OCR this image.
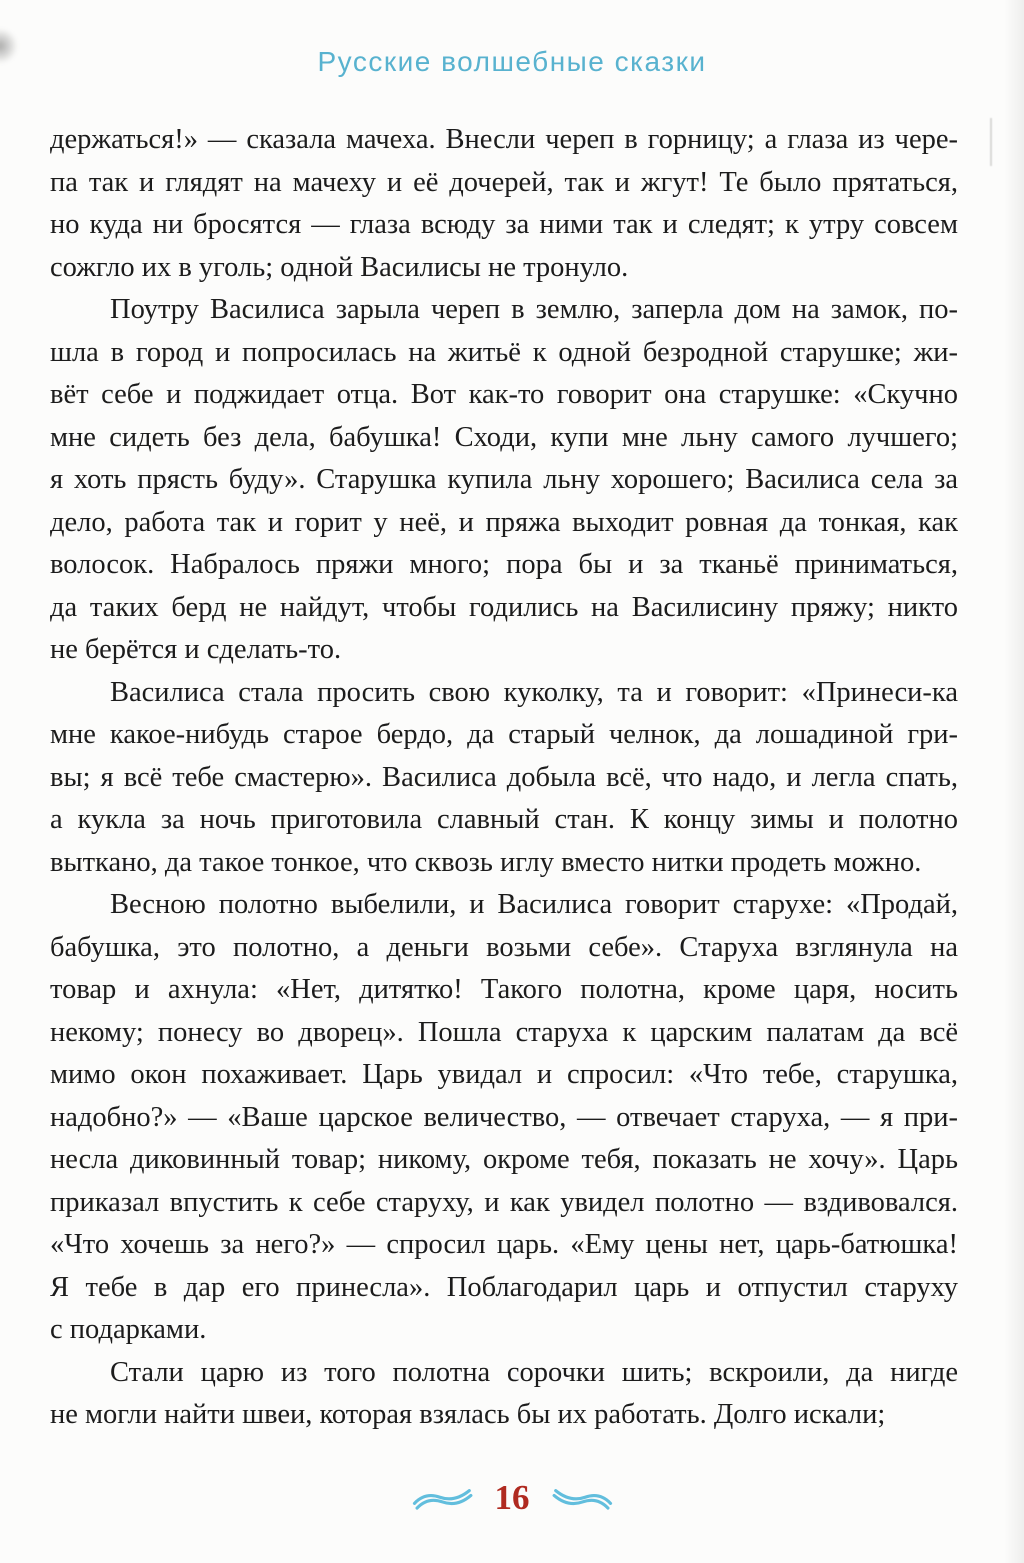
Русские волшебные сказки
держаться!» — сказала мачеха. Внесли череп в горницу; а глаза из чере-
па так и глядят на мачеху и её дочерей, так и жгут! Те было прятаться,
но куда ни бросятся — глаза всюду за ними так и следят; к утру совсем
сожгло их в уголь; одной Василисы не тронуло.
Поутру Василиса зарыла череп в землю, заперла дом на замок, по-
шла в город и попросилась на житьё к одной безродной старушке; жи-
вёт себе и поджидает отца. Вот как-то говорит она старушке: «Скучно
мне сидеть без дела, бабушка! Сходи, купи мне льну самого лучшего;
я хоть прясть буду». Старушка купила льну хорошего; Василиса села за
дело, работа так и горит у неё, и пряжа выходит ровная да тонкая, как
волосок. Набралось пряжи много; пора бы и за тканьё приниматься,
да таких берд не найдут, чтобы годились на Василисину пряжу; никто
не берётся и сделать-то.
Василиса стала просить свою куколку, та и говорит: «Принеси-ка
мне какое-нибудь старое бердо, да старый челнок, да лошадиной гри-
вы; я всё тебе смастерю». Василиса добыла всё, что надо, и легла спать,
а кукла за ночь приготовила славный стан. К концу зимы и полотно
выткано, да такое тонкое, что сквозь иглу вместо нитки продеть можно.
Весною полотно выбелили, и Василиса говорит старухе: «Продай,
бабушка, это полотно, а деньги возьми себе». Старуха взглянула на
товар и ахнула: «Нет, дитятко! Такого полотна, кроме царя, носить
некому; понесу во дворец». Пошла старуха к царским палатам да всё
мимо окон похаживает. Царь увидал и спросил: «Что тебе, старушка,
надобно?» — «Ваше царское величество, — отвечает старуха, — я при-
несла диковинный товар; никому, окроме тебя, показать не хочу». Царь
приказал впустить к себе старуху, и как увидел полотно — вздивовался.
«Что хочешь за него?» — спросил царь. «Ему цены нет, царь-батюшка!
Я тебе в дар его принесла». Поблагодарил царь и отпустил старуху
с подарками.
Стали царю из того полотна сорочки шить; вскроили, да нигде
не могли найти швеи, которая взялась бы их работать. Долго искали;
16
